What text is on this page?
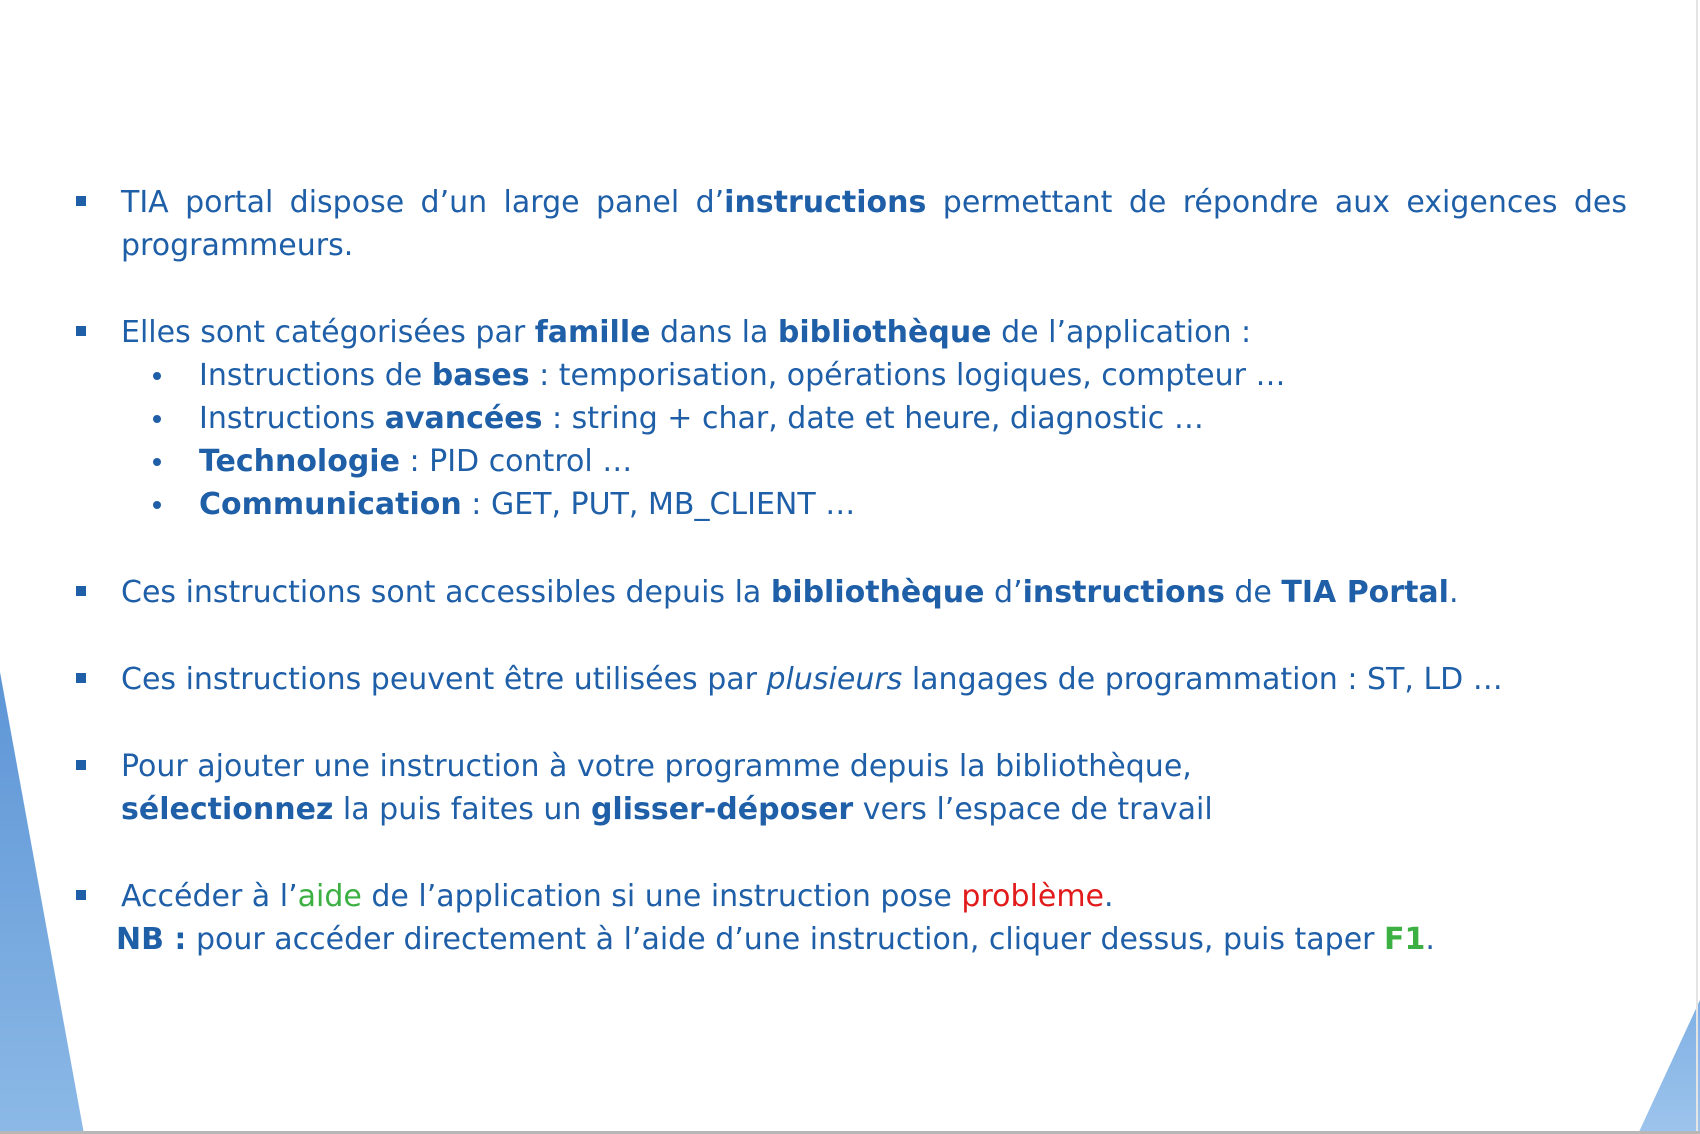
TIA portal dispose d’un large panel d’instructions permettant de répondre aux exigences des
programmeurs.
Elles sont catégorisées par famille dans la bibliothèque de l’application :
Instructions de bases : temporisation, opérations logiques, compteur …
Instructions avancées : string + char, date et heure, diagnostic …
Technologie : PID control …
Communication : GET, PUT, MB_CLIENT …
Ces instructions sont accessibles depuis la bibliothèque d’instructions de TIA Portal.
Ces instructions peuvent être utilisées par plusieurs langages de programmation : ST, LD …
Pour ajouter une instruction à votre programme depuis la bibliothèque,
sélectionnez la puis faites un glisser-déposer vers l’espace de travail
Accéder à l’aide de l’application si une instruction pose problème.
NB : pour accéder directement à l’aide d’une instruction, cliquer dessus, puis taper F1.
